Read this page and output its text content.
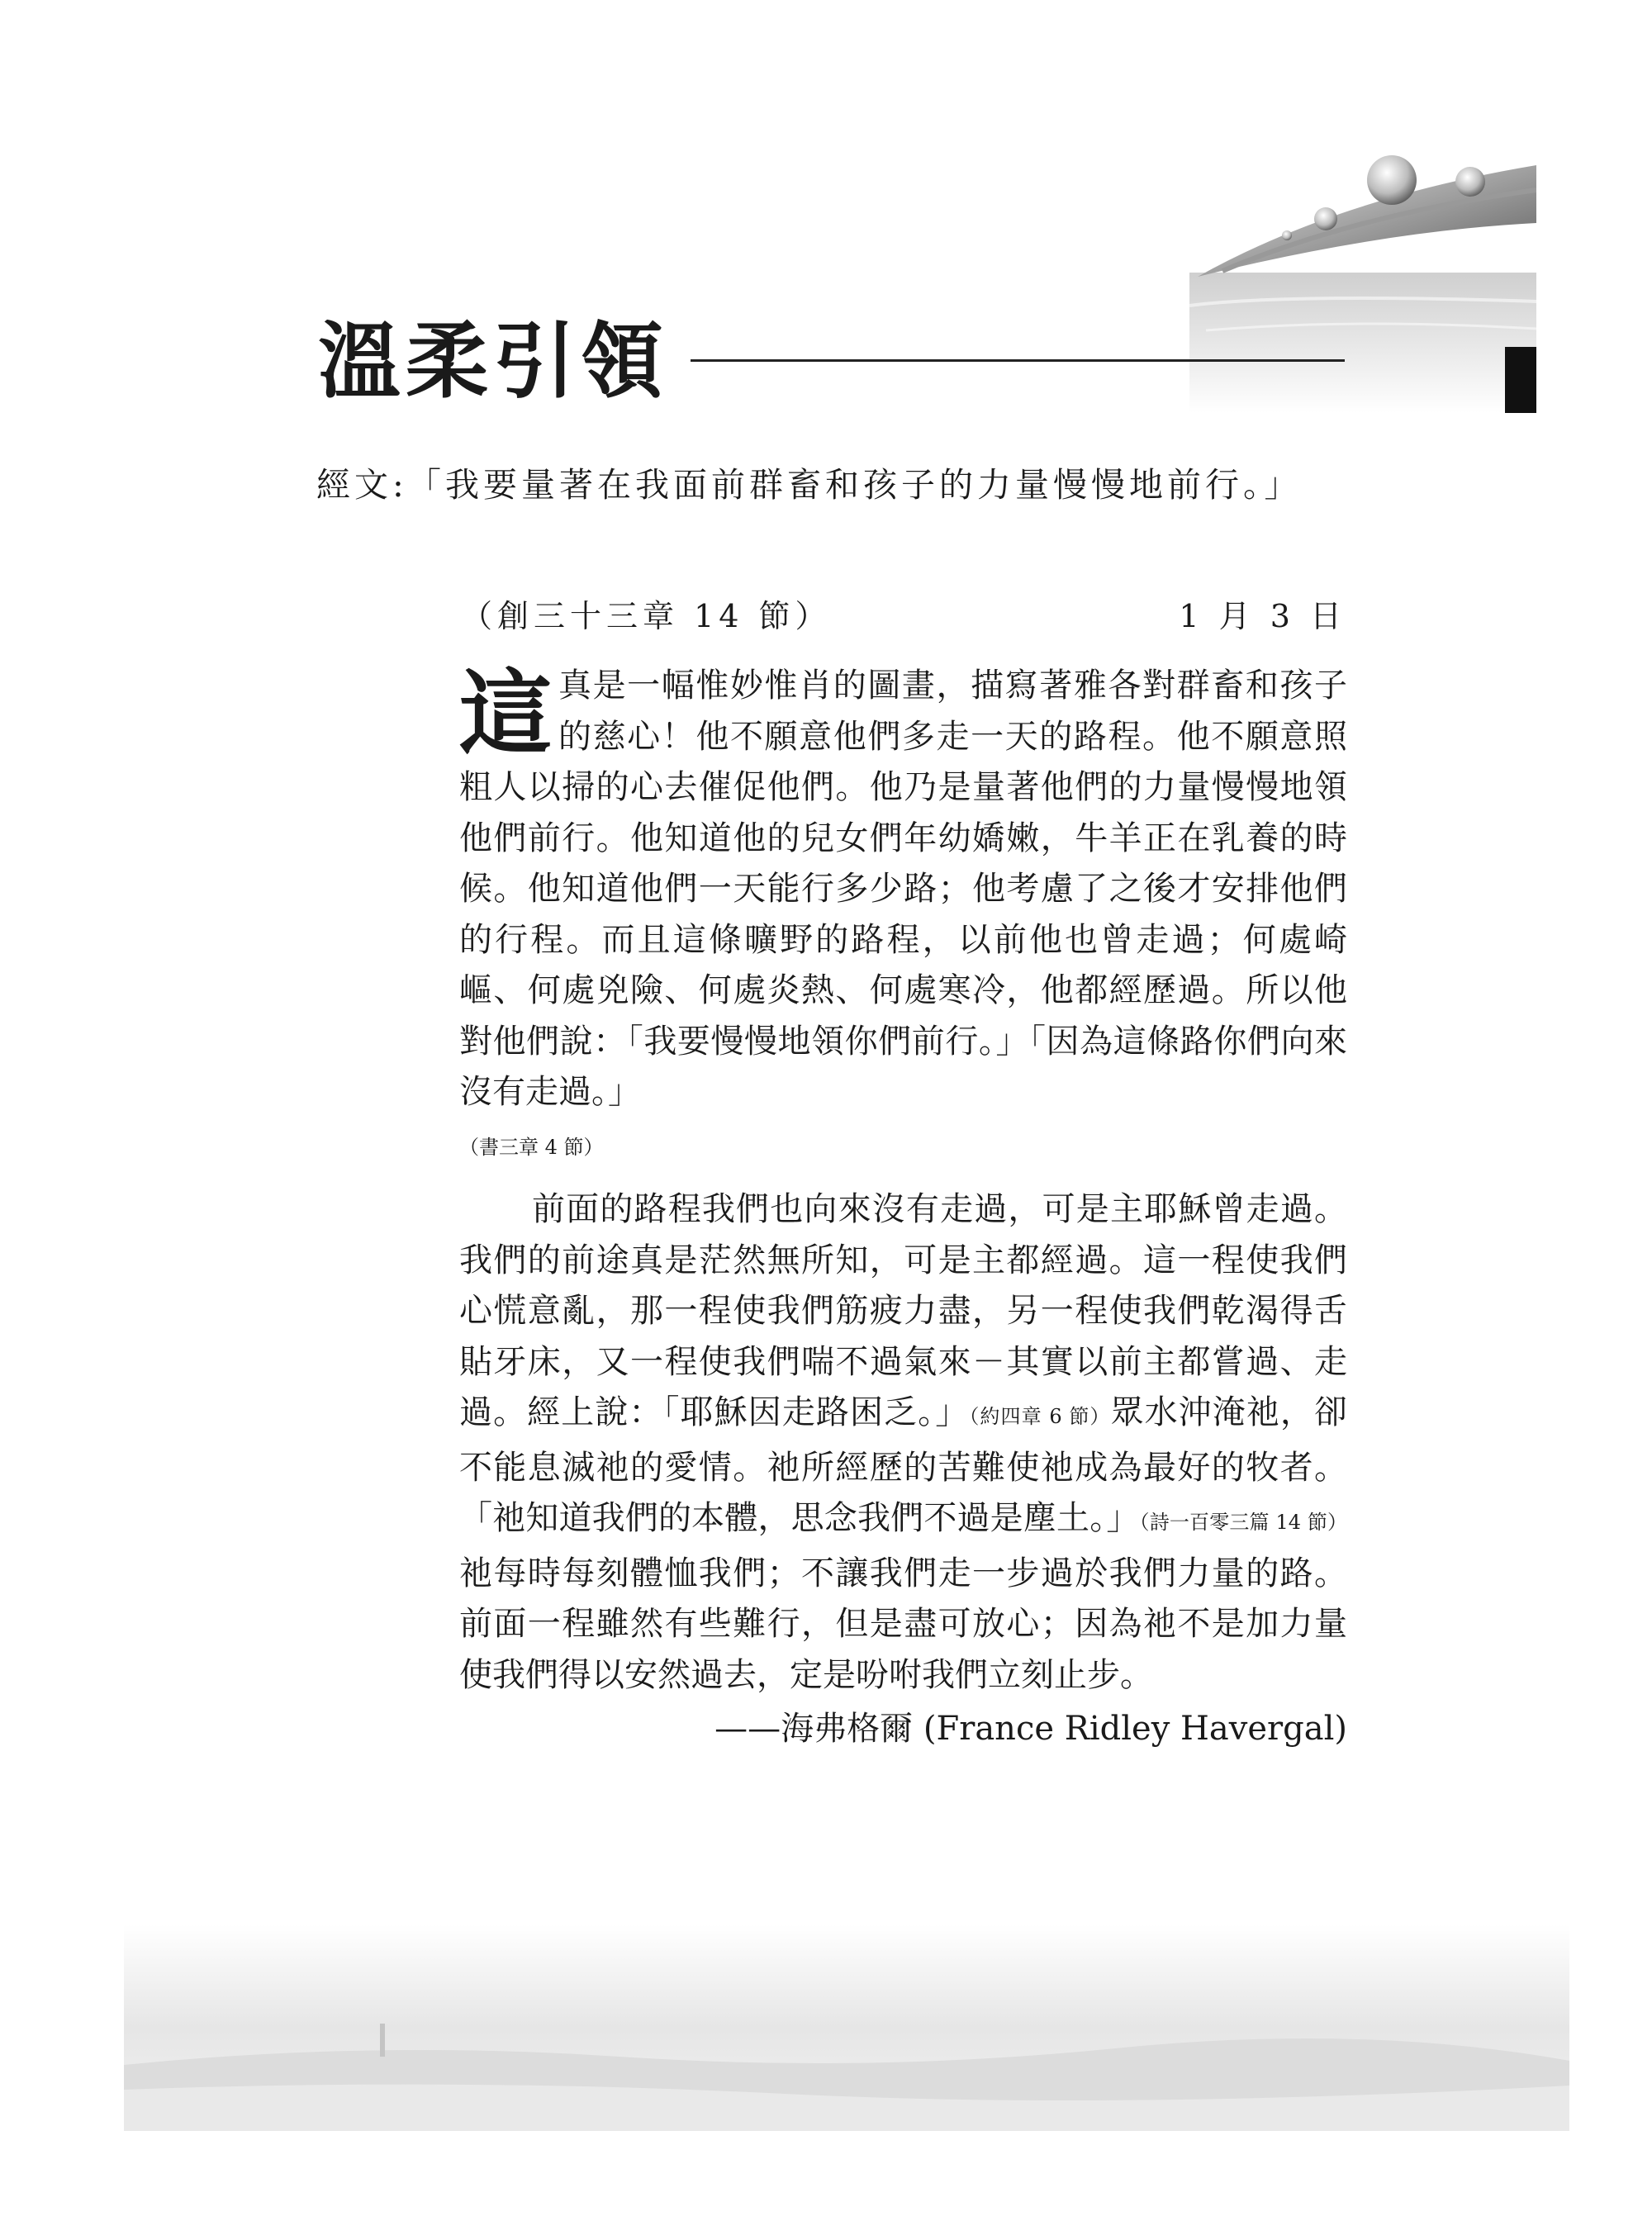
溫柔引領
經文: 「我要量著在我面前群畜和孩子的力量慢慢地前行。」
（創三十三章 14 節）	1 月 3 日

這真是一幅惟妙惟肖的圖畫，描寫著雅各對群畜和孩子的慈心！他不願意他們多走一天的路程。他不願意照粗人以掃的心去催促他們。他乃是量著他們的力量慢慢地領他們前行。他知道他的兒女們年幼嬌嫩，牛羊正在乳養的時候。他知道他們一天能行多少路；他考慮了之後才安排他們的行程。而且這條曠野的路程，以前他也曾走過；何處崎嶇、何處兇險、何處炎熱、何處寒冷，他都經歷過。所以他對他們說：「我要慢慢地領你們前行。」「因為這條路你們向來沒有走過。」
（書三章 4 節）

前面的路程我們也向來沒有走過，可是主耶穌曾走過。我們的前途真是茫然無所知，可是主都經過。這一程使我們心慌意亂，那一程使我們筋疲力盡，另一程使我們乾渴得舌貼牙床，又一程使我們喘不過氣來－其實以前主都嘗過、走過。經上說：「耶穌因走路困乏。」（約四章 6 節）眾水沖淹祂，卻不能息滅祂的愛情。祂所經歷的苦難使祂成為最好的牧者。「祂知道我們的本體，思念我們不過是塵土。」（詩一百零三篇 14 節）祂每時每刻體恤我們；不讓我們走一步過於我們力量的路。前面一程雖然有些難行，但是盡可放心；因為祂不是加力量使我們得以安然過去，定是吩咐我們立刻止步。

——海弗格爾 (France Ridley Havergal)
